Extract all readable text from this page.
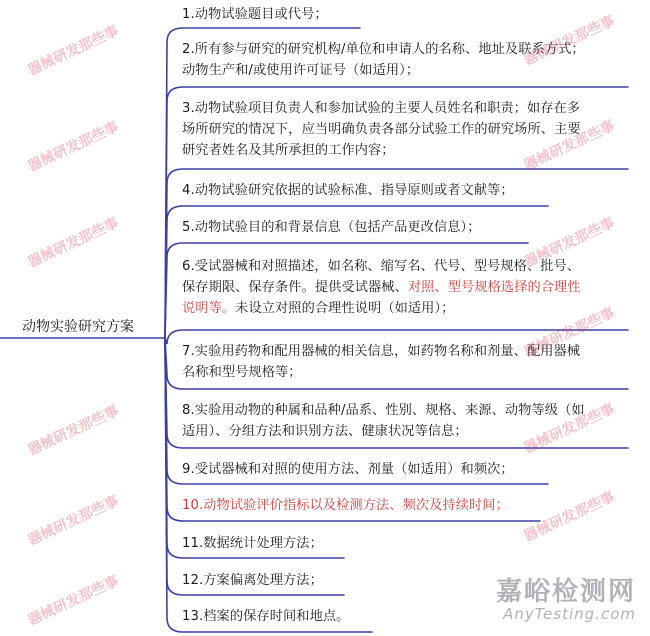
动物实验研究方案
1.动物试验题目或代号；
2.所有参与研究的研究机构/单位和申请人的名称、地址及联系方式；
动物生产和/或使用许可证号（如适用）；
3.动物试验项目负责人和参加试验的主要人员姓名和职责；如存在多
场所研究的情况下，应当明确负责各部分试验工作的研究场所、主要
研究者姓名及其所承担的工作内容；
4.动物试验研究依据的试验标准、指导原则或者文献等；
5.动物试验目的和背景信息（包括产品更改信息）；
6.受试器械和对照描述，如名称、缩写名、代号、型号规格、批号、
保存期限、保存条件。提供受试器械、对照、型号规格选择的合理性
说明等。未设立对照的合理性说明（如适用）；
7.实验用药物和配用器械的相关信息，如药物名称和剂量、配用器械
名称和型号规格等；
8.实验用动物的种属和品种/品系、性别、规格、来源、动物等级（如
适用）、分组方法和识别方法、健康状况等信息；
9.受试器械和对照的使用方法、剂量（如适用）和频次；
10.动物试验评价指标以及检测方法、频次及持续时间；
11.数据统计处理方法；
12.方案偏离处理方法；
13.档案的保存时间和地点。
器械研发那些事
器械研发那些事
器械研发那些事
器械研发那些事
器械研发那些事
器械研发那些事
器械研发那些事
器械研发那些事
器械研发那些事
器械研发那些事
器械研发那些事
器械研发那些事
嘉峪检测网
AnyTesting.com
